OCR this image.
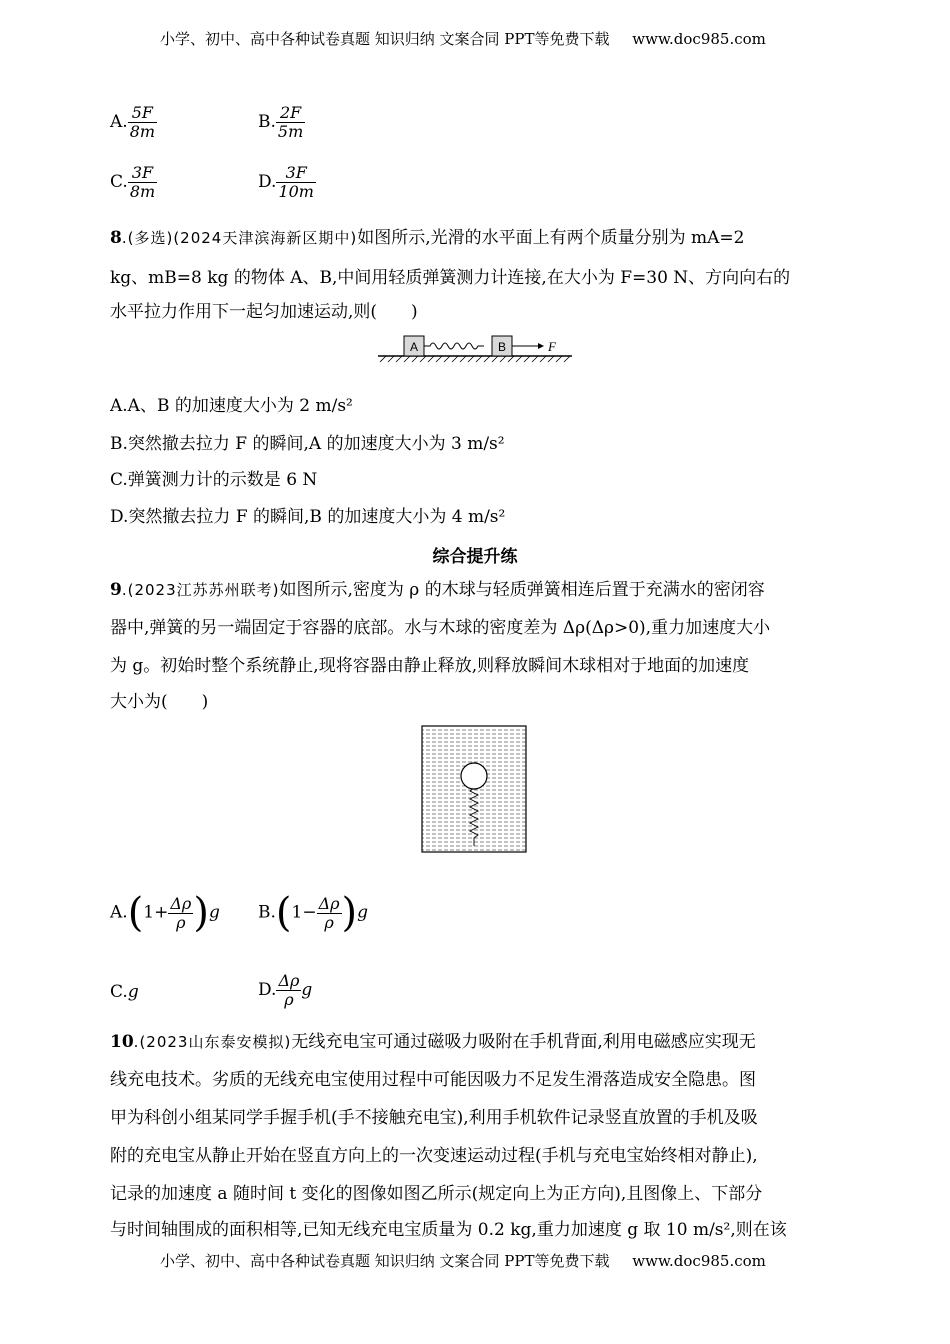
小学、初中、高中各种试卷真题 知识归纳 文案合同 PPT等免费下载 www.doc985.com
A. $\frac{5F}{8m}$	B. $\frac{2F}{5m}$
C. $\frac{3F}{8m}$	D. $\frac{3F}{10m}$
8.(多选)(2024天津滨海新区期中)如图所示,光滑的水平面上有两个质量分别为 mA=2
kg、mB=8 kg 的物体 A、B,中间用轻质弹簧测力计连接,在大小为 F=30 N、方向向右的
水平拉力作用下一起匀加速运动,则(　　)
A	B	F
A.A、B 的加速度大小为 2 m/s²
B.突然撤去拉力 F 的瞬间,A 的加速度大小为 3 m/s²
C.弹簧测力计的示数是 6 N
D.突然撤去拉力 F 的瞬间,B 的加速度大小为 4 m/s²
综合提升练
9.(2023江苏苏州联考)如图所示,密度为 ρ 的木球与轻质弹簧相连后置于充满水的密闭容
器中,弹簧的另一端固定于容器的底部。水与木球的密度差为 Δρ(Δρ>0),重力加速度大小
为 g。初始时整个系统静止,现将容器由静止释放,则释放瞬间木球相对于地面的加速度
大小为(　　)
$A.(1+ \frac{\Delta\rho}{\rho} )g$ $B.(1- \frac{\Delta\rho}{\rho} )g$
C.g	D. $\frac{\Delta\rho}{\rho}$ g
10.(2023山东泰安模拟)无线充电宝可通过磁吸力吸附在手机背面,利用电磁感应实现无
线充电技术。劣质的无线充电宝使用过程中可能因吸力不足发生滑落造成安全隐患。图
甲为科创小组某同学手握手机(手不接触充电宝),利用手机软件记录竖直放置的手机及吸
附的充电宝从静止开始在竖直方向上的一次变速运动过程(手机与充电宝始终相对静止),
记录的加速度 a 随时间 t 变化的图像如图乙所示(规定向上为正方向),且图像上、下部分
与时间轴围成的面积相等,已知无线充电宝质量为 0.2 kg,重力加速度 g 取 10 m/s²,则在该
小学、初中、高中各种试卷真题 知识归纳 文案合同 PPT等免费下载 www.doc985.com
